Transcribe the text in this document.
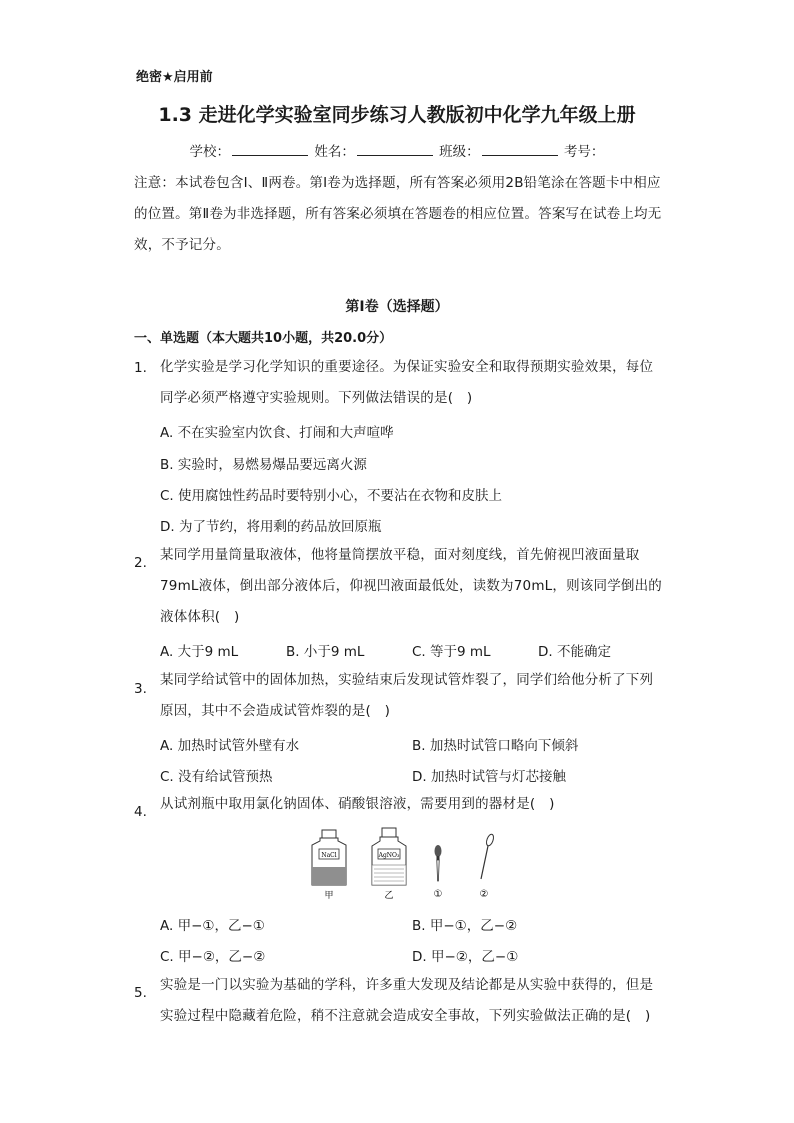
绝密★启用前
1.3 走进化学实验室同步练习人教版初中化学九年级上册
学校：	姓名：	班级：	考号：
注意：本试卷包含Ⅰ、Ⅱ两卷。第Ⅰ卷为选择题，所有答案必须用2B铅笔涂在答题卡中相应的位置。第Ⅱ卷为非选择题，所有答案必须填在答题卷的相应位置。答案写在试卷上均无效，不予记分。
第Ⅰ卷（选择题）
一、单选题（本大题共10小题，共20.0分）
1. 化学实验是学习化学知识的重要途径。为保证实验安全和取得预期实验效果，每位同学必须严格遵守实验规则。下列做法错误的是(　)
A. 不在实验室内饮食、打闹和大声喧哗
B. 实验时，易燃易爆品要远离火源
C. 使用腐蚀性药品时要特别小心，不要沾在衣物和皮肤上
D. 为了节约，将用剩的药品放回原瓶
2. 某同学用量筒量取液体，他将量筒摆放平稳，面对刻度线，首先俯视凹液面量取79mL液体，倒出部分液体后，仰视凹液面最低处，读数为70mL，则该同学倒出的液体体积(　)
A. 大于9 mL	B. 小于9 mL	C. 等于9 mL	D. 不能确定
3.
某同学给试管中的固体加热，实验结束后发现试管炸裂了，同学们给他分析了下列原因，其中不会造成试管炸裂的是(　)
A. 加热时试管外壁有水	B. 加热时试管口略向下倾斜
C. 没有给试管预热	D. 加热时试管与灯芯接触
4. 从试剂瓶中取用氯化钠固体、硝酸银溶液，需要用到的器材是(　)
NaCl
甲
AgNO₃
乙	①	②
A. 甲−①，乙−①	B. 甲−①，乙−②
C. 甲−②，乙−②	D. 甲−②，乙−①
5. 实验是一门以实验为基础的学科，许多重大发现及结论都是从实验中获得的，但是实验过程中隐藏着危险，稍不注意就会造成安全事故，下列实验做法正确的是(　)
